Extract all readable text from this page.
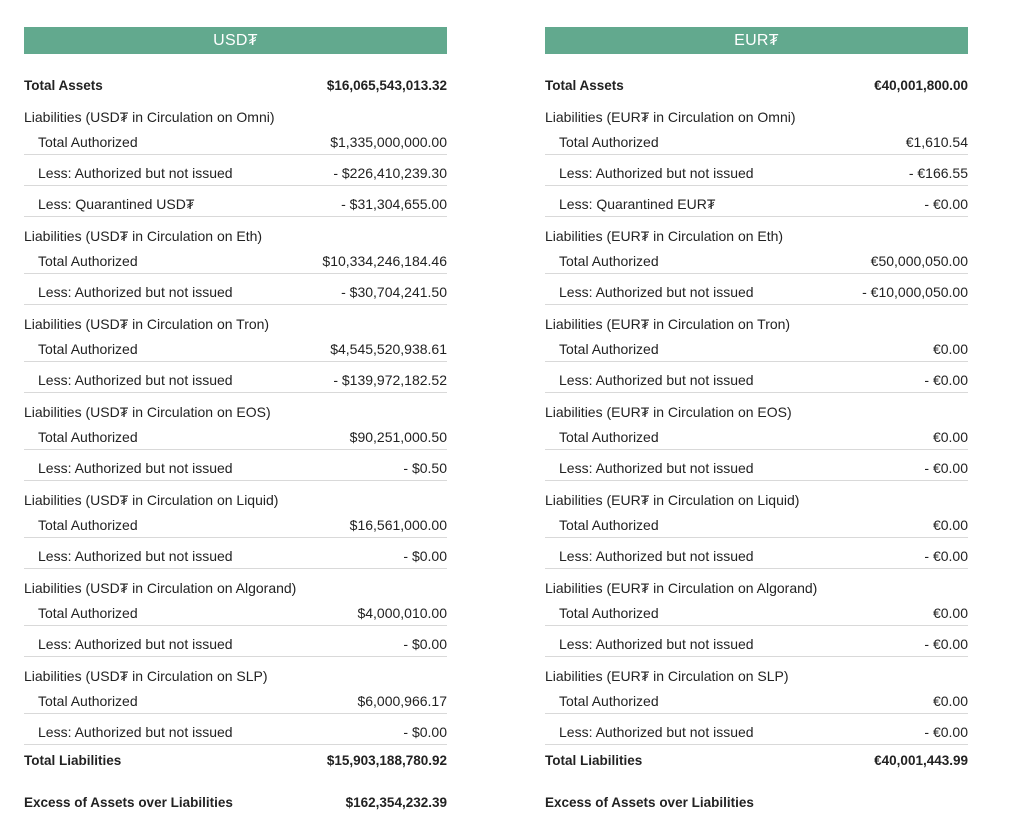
USD₮
Total Assets	$16,065,543,013.32
Liabilities (USD₮ in Circulation on Omni)
Total Authorized	$1,335,000,000.00
Less: Authorized but not issued	- $226,410,239.30
Less: Quarantined USD₮	- $31,304,655.00
Liabilities (USD₮ in Circulation on Eth)
Total Authorized	$10,334,246,184.46
Less: Authorized but not issued	- $30,704,241.50
Liabilities (USD₮ in Circulation on Tron)
Total Authorized	$4,545,520,938.61
Less: Authorized but not issued	- $139,972,182.52
Liabilities (USD₮ in Circulation on EOS)
Total Authorized	$90,251,000.50
Less: Authorized but not issued	- $0.50
Liabilities (USD₮ in Circulation on Liquid)
Total Authorized	$16,561,000.00
Less: Authorized but not issued	- $0.00
Liabilities (USD₮ in Circulation on Algorand)
Total Authorized	$4,000,010.00
Less: Authorized but not issued	- $0.00
Liabilities (USD₮ in Circulation on SLP)
Total Authorized	$6,000,966.17
Less: Authorized but not issued	- $0.00
Total Liabilities	$15,903,188,780.92
Excess of Assets over Liabilities	$162,354,232.39
EUR₮
Total Assets	€40,001,800.00
Liabilities (EUR₮ in Circulation on Omni)
Total Authorized	€1,610.54
Less: Authorized but not issued	- €166.55
Less: Quarantined EUR₮	- €0.00
Liabilities (EUR₮ in Circulation on Eth)
Total Authorized	€50,000,050.00
Less: Authorized but not issued	- €10,000,050.00
Liabilities (EUR₮ in Circulation on Tron)
Total Authorized	€0.00
Less: Authorized but not issued	- €0.00
Liabilities (EUR₮ in Circulation on EOS)
Total Authorized	€0.00
Less: Authorized but not issued	- €0.00
Liabilities (EUR₮ in Circulation on Liquid)
Total Authorized	€0.00
Less: Authorized but not issued	- €0.00
Liabilities (EUR₮ in Circulation on Algorand)
Total Authorized	€0.00
Less: Authorized but not issued	- €0.00
Liabilities (EUR₮ in Circulation on SLP)
Total Authorized	€0.00
Less: Authorized but not issued	- €0.00
Total Liabilities	€40,001,443.99
Excess of Assets over Liabilities
